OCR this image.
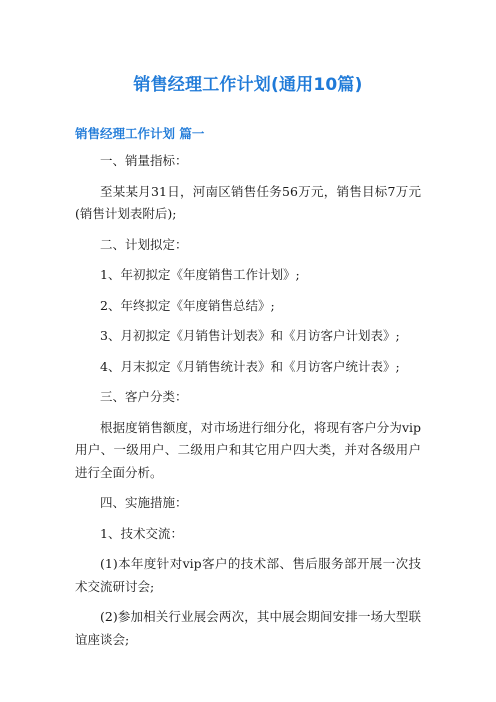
销售经理工作计划(通用10篇)
销售经理工作计划 篇一

一、销量指标：

至某某月31日，河南区销售任务56万元，销售目标7万元(销售计划表附后);

二、计划拟定：

1、年初拟定《年度销售工作计划》;

2、年终拟定《年度销售总结》;

3、月初拟定《月销售计划表》和《月访客户计划表》;

4、月末拟定《月销售统计表》和《月访客户统计表》;

三、客户分类：

根据度销售额度，对市场进行细分化，将现有客户分为vip用户、一级用户、二级用户和其它用户四大类，并对各级用户进行全面分析。

四、实施措施：

1、技术交流：

(1)本年度针对vip客户的技术部、售后服务部开展一次技术交流研讨会;

(2)参加相关行业展会两次，其中展会期间安排一场大型联谊座谈会;
